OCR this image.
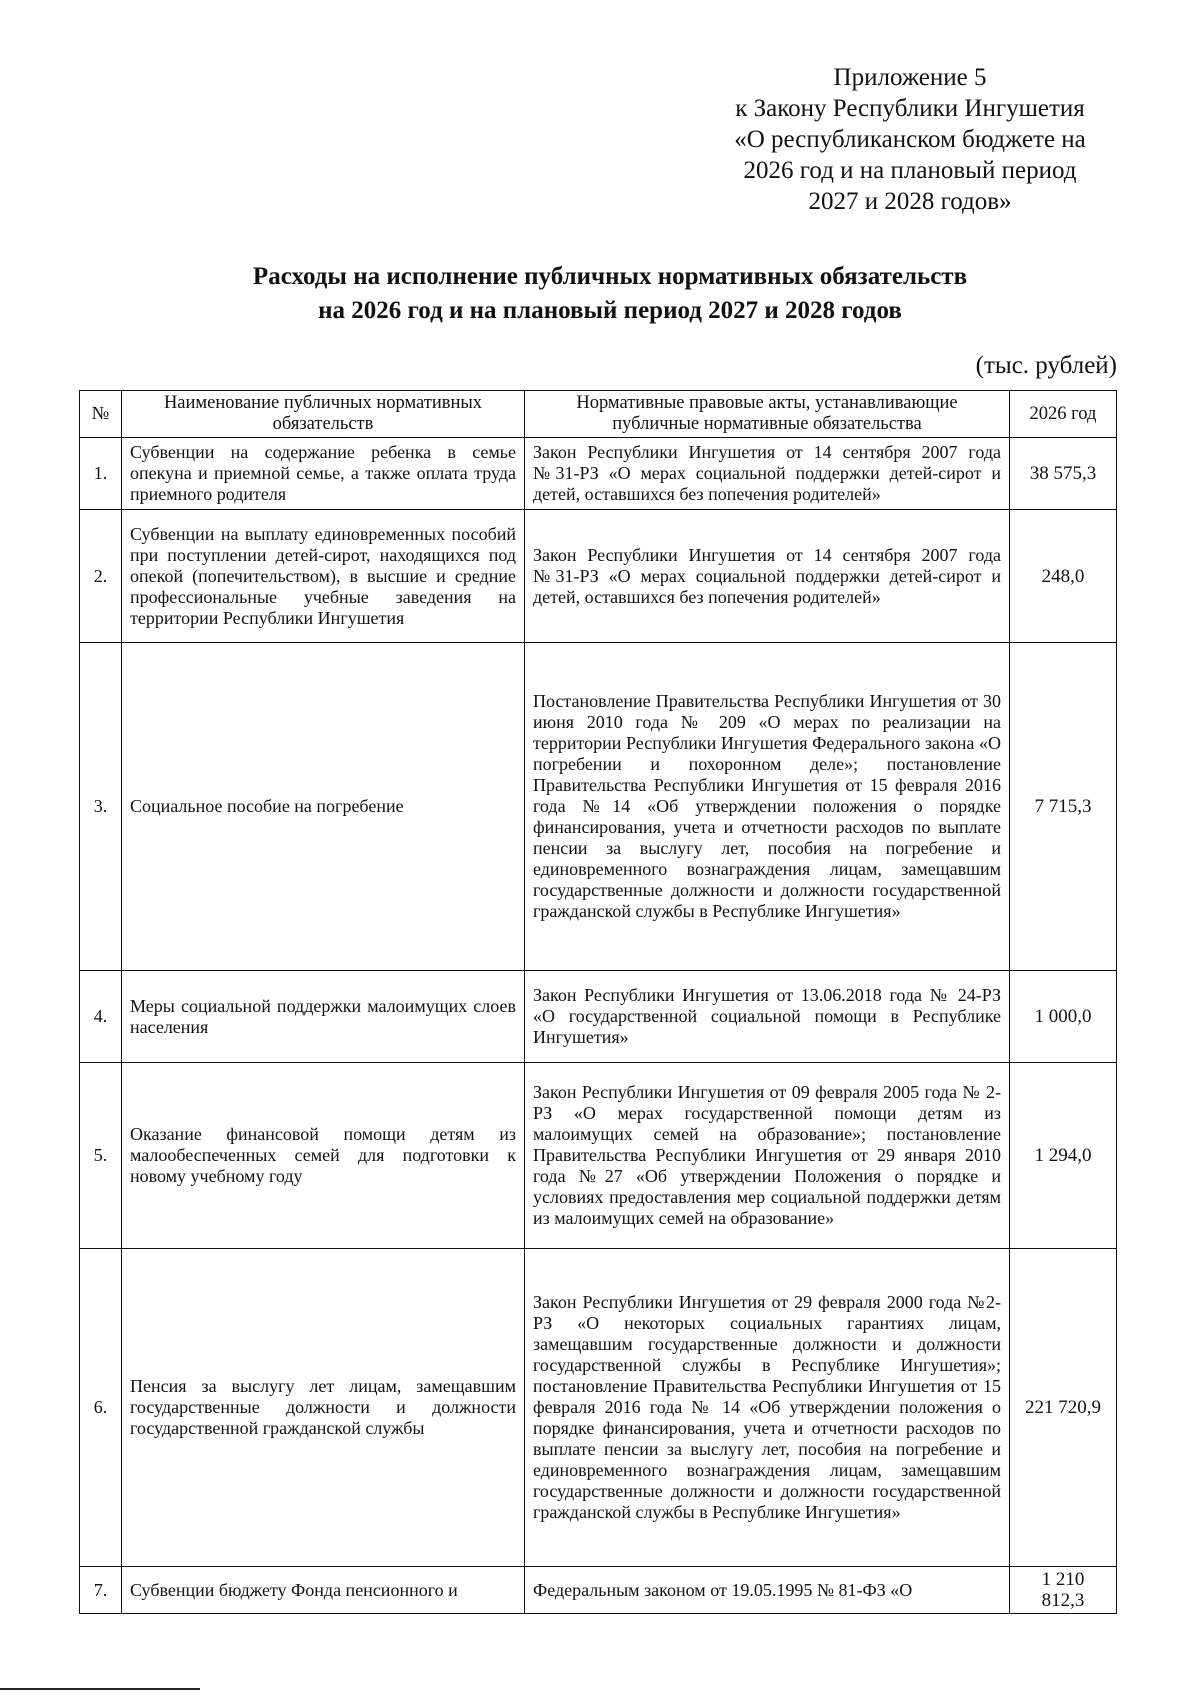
Приложение 5
к Закону Республики Ингушетия
«О республиканском бюджете на
2026 год и на плановый период
2027 и 2028 годов»
Расходы на исполнение публичных нормативных обязательств
на 2026 год и на плановый период 2027 и 2028 годов
(тыс. рублей)
№	Наименование публичных нормативных обязательств	Нормативные правовые акты, устанавливающие публичные нормативные обязательства	2026 год
1.	Субвенции на содержание ребенка в семье опекуна и приемной семье, а также оплата труда приемного родителя	Закон Республики Ингушетия от 14 сентября 2007 года №31-РЗ «О мерах социальной поддержки детей-сирот и детей, оставшихся без попечения родителей»	38 575,3
2.	Субвенции на выплату единовременных пособий при поступлении детей-сирот, находящихся под опекой (попечительством), в высшие и средние профессиональные учебные заведения на территории Республики Ингушетия	Закон Республики Ингушетия от 14 сентября 2007 года №31-РЗ «О мерах социальной поддержки детей-сирот и детей, оставшихся без попечения родителей»	248,0
3.	Социальное пособие на погребение	Постановление Правительства Республики Ингушетия от 30 июня 2010 года № 209 «О мерах по реализации на территории Республики Ингушетия Федерального закона «О погребении и похоронном деле»; постановление Правительства Республики Ингушетия от 15 февраля 2016 года №14 «Об утверждении положения о порядке финансирования, учета и отчетности расходов по выплате пенсии за выслугу лет, пособия на погребение и единовременного вознаграждения лицам, замещавшим государственные должности и должности государственной гражданской службы в Республике Ингушетия»	7 715,3
4.	Меры социальной поддержки малоимущих слоев населения	Закон Республики Ингушетия от 13.06.2018 года № 24-РЗ «О государственной социальной помощи в Республике Ингушетия»	1 000,0
5.	Оказание финансовой помощи детям из малообеспеченных семей для подготовки к новому учебному году	Закон Республики Ингушетия от 09 февраля 2005 года № 2-РЗ «О мерах государственной помощи детям из малоимущих семей на образование»; постановление Правительства Республики Ингушетия от 29 января 2010 года №27 «Об утверждении Положения о порядке и условиях предоставления мер социальной поддержки детям из малоимущих семей на образование»	1 294,0
6.	Пенсия за выслугу лет лицам, замещавшим государственные должности и должности государственной гражданской службы	Закон Республики Ингушетия от 29 февраля 2000 года №2-РЗ «О некоторых социальных гарантиях лицам, замещавшим государственные должности и должности государственной службы в Республике Ингушетия»; постановление Правительства Республики Ингушетия от 15 февраля 2016 года № 14 «Об утверждении положения о порядке финансирования, учета и отчетности расходов по выплате пенсии за выслугу лет, пособия на погребение и единовременного вознаграждения лицам, замещавшим государственные должности и должности государственной гражданской службы в Республике Ингушетия»	221 720,9
7.	Субвенции бюджету Фонда пенсионного и	Федеральным законом от 19.05.1995 № 81-ФЗ «О	1 210 812,3
